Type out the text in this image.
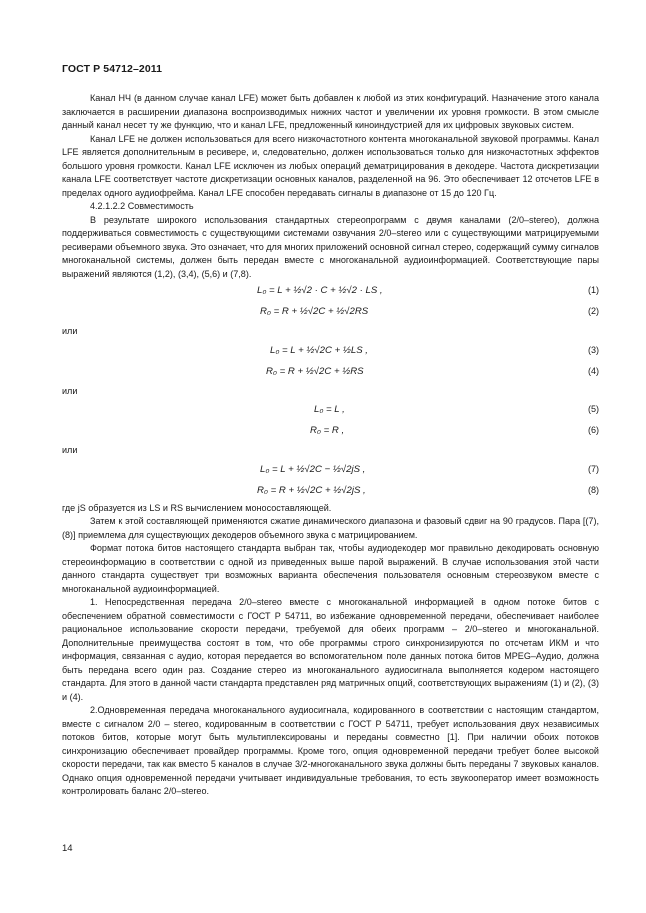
ГОСТ Р 54712–2011

Канал НЧ (в данном случае канал LFE) может быть добавлен к любой из этих конфигураций. Назначение этого канала заключается в расширении диапазона воспроизводимых нижних частот и увеличении их уровня громкости. В этом смысле данный канал несет ту же функцию, что и канал LFE, предложенный киноиндустрией для их цифровых звуковых систем.

Канал LFE не должен использоваться для всего низкочастотного контента многоканальной звуковой программы. Канал LFE является дополнительным в ресивере, и, следовательно, должен использоваться только для низкочастотных эффектов большого уровня громкости. Канал LFE исключен из любых операций дематрицирования в декодере. Частота дискретизации канала LFE соответствует частоте дискретизации основных каналов, разделенной на 96. Это обеспечивает 12 отсчетов LFE в пределах одного аудиофрейма. Канал LFE способен передавать сигналы в диапазоне от 15 до 120 Гц.

4.2.1.2.2 Совместимость

В результате широкого использования стандартных стереопрограмм с двумя каналами (2/0–stereo), должна поддерживаться совместимость с существующими системами озвучания 2/0–stereo или с существующими матрицируемыми ресиверами объемного звука. Это означает, что для многих приложений основной сигнал стерео, содержащий сумму сигналов многоканальной системы, должен быть передан вместе с многоканальной аудиоинформацией. Соответствующие пары выражений являются (1,2), (3,4), (5,6) и (7,8).

L₀ = L + ½√2 · C + ½√2 · LS ,	(1)
R₀ = R + ½√2C + ½√2RS	(2)

или

L₀ = L + ½√2C + ½LS ,	(3)
R₀ = R + ½√2C + ½RS	(4)

или

L₀ = L ,	(5)
R₀ = R ,	(6)

или

L₀ = L + ½√2C − ½√2jS ,	(7)
R₀ = R + ½√2C + ½√2jS ,	(8)

где jS образуется из LS и RS вычислением моносоставляющей.

Затем к этой составляющей применяются сжатие динамического диапазона и фазовый сдвиг на 90 градусов. Пара [(7),(8)] приемлема для существующих декодеров объемного звука с матрицированием.

Формат потока битов настоящего стандарта выбран так, чтобы аудиодекодер мог правильно декодировать основную стереоинформацию в соответствии с одной из приведенных выше парой выражений. В случае использования этой части данного стандарта существует три возможных варианта обеспечения пользователя основным стереозвуком вместе с многоканальной аудиоинформацией.

1. Непосредственная передача 2/0–stereo вместе с многоканальной информацией в одном потоке битов с обеспечением обратной совместимости с ГОСТ Р 54711, во избежание одновременной передачи, обеспечивает наиболее рациональное использование скорости передачи, требуемой для обеих программ – 2/0–stereo и многоканальной. Дополнительные преимущества состоят в том, что обе программы строго синхронизируются по отсчетам ИКМ и что информация, связанная с аудио, которая передается во вспомогательном поле данных потока битов MPEG–Аудио, должна быть передана всего один раз. Создание стерео из многоканального аудиосигнала выполняется кодером настоящего стандарта. Для этого в данной части стандарта представлен ряд матричных опций, соответствующих выражениям (1) и (2), (3) и (4).

2.Одновременная передача многоканального аудиосигнала, кодированного в соответствии с настоящим стандартом, вместе с сигналом 2/0 – stereo, кодированным в соответствии с ГОСТ Р 54711, требует использования двух независимых потоков битов, которые могут быть мультиплексированы и переданы совместно [1]. При наличии обоих потоков синхронизацию обеспечивает провайдер программы. Кроме того, опция одновременной передачи требует более высокой скорости передачи, так как вместо 5 каналов в случае 3/2-многоканального звука должны быть переданы 7 звуковых каналов. Однако опция одновременной передачи учитывает индивидуальные требования, то есть звукооператор имеет возможность контролировать баланс 2/0–stereo.

14
